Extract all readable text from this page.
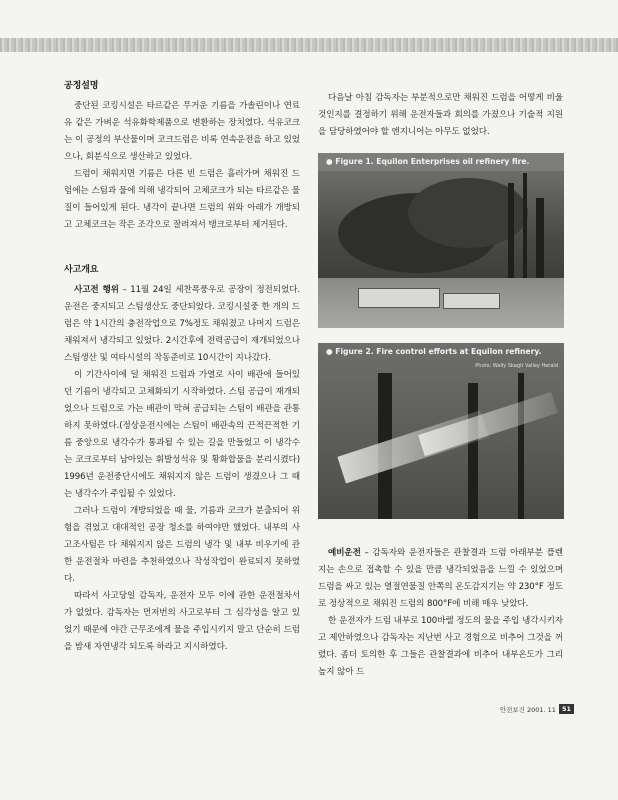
공정설명

중단된 코킹시설은 타르같은 무거운 기름을 가솔린이나 연료유 같은 가벼운 석유화학제품으로 변환하는 장치였다. 석유코크는 이 공정의 부산물이며 코크드럼은 비록 연속운전을 하고 있었으나, 회분식으로 생산하고 있었다.

드럼이 채워지면 기름은 다른 빈 드럼은 흘러가며 채워진 드럼에는 스팀과 물에 의해 냉각되어 고체코크가 되는 타르같은 물질이 들어있게 된다. 냉각이 끝나면 드럼의 위와 아래가 개방되고 고체코크는 작은 조각으로 잘려져서 탱크로부터 제거된다.

사고개요

사고전 행위 – 11월 24일 세찬폭풍우로 공장이 정전되었다. 운전은 중지되고 스팀생산도 중단되었다. 코킹시설중 한 개의 드럼은 약 1시간의 충전작업으로 7%정도 채워졌고 나머지 드럼은 채워져서 냉각되고 있었다. 2시간후에 전력공급이 재개되었으나 스팀생산 및 여타시설의 작동준비로 10시간이 지나갔다.

이 기간사이에 덜 채워진 드럼과 가열로 사이 배관에 들어있던 기름이 냉각되고 고체화되기 시작하였다. 스팀 공급이 재개되었으나 드럼으로 가는 배관이 막혀 공급되는 스팀이 배관을 관통하지 못하였다.(정상운전시에는 스팀이 배관속의 끈적끈적한 기름 중앙으로 냉각수가 통과될 수 있는 길을 만들었고 이 냉각수는 코크로부터 남아있는 휘발성석유 및 황화합물을 분리시켰다) 1996년 운전중단시에도 채워지지 않은 드럼이 생겼으나 그 때는 냉각수가 주입될 수 있었다.

그러나 드럼이 개방되었을 때 물, 기름과 코크가 분출되어 위험을 겪었고 대대적인 공장 청소를 하여야만 했었다. 내부의 사고조사팀은 다 채워지지 않은 드럼의 냉각 및 내부 비우기에 관한 운전절차 마련을 추천하였으나 작성작업이 완료되지 못하였다.

따라서 사고당일 감독자, 운전자 모두 이에 관한 운전절차서가 없었다. 감독자는 먼저번의 사고로부터 그 심각성을 알고 있었기 때문에 야간 근무조에게 물을 주입시키지 말고 단순히 드럼을 밤새 자연냉각 되도록 하라고 지시하였다.

다음날 아침 감독자는 부분적으로만 채워진 드럼을 어떻게 비울 것인지를 결정하기 위해 운전자들과 회의를 가졌으나 기술적 지원을 담당하였어야 할 엔지니어는 아무도 없었다.

● Figure 1. Equilon Enterprises oil refinery fire.
● Figure 2. Fire control efforts at Equilon refinery.
Photo: Wally Skagit Valley Herald

예비운전 – 감독자와 운전자들은 관찰결과 드럼 아래부분 플렌지는 손으로 접촉할 수 있을 만큼 냉각되었음을 느낄 수 있었으며 드럼을 싸고 있는 열절연물질 안쪽의 온도감지기는 약 230°F 정도로 정상적으로 채워진 드럼의 800°F에 비해 매우 낮았다.

한 운전자가 드럼 내부로 100바렐 정도의 물을 주입 냉각시키자고 제안하였으나 감독자는 지난번 사고 경험으로 비추어 그것을 꺼렸다. 좀더 토의한 후 그들은 관찰결과에 비추어 내부온도가 그리 높지 않아 드

안전보건 2001. 11 51
